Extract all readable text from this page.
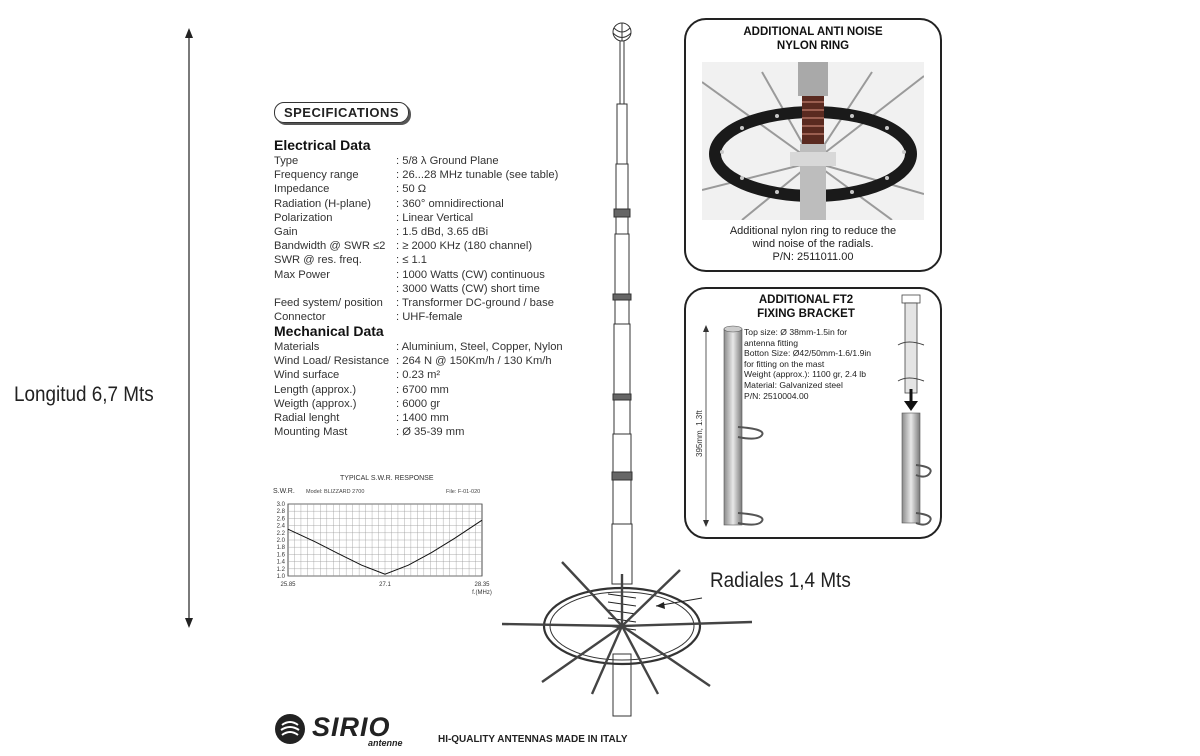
Longitud 6,7 Mts
SPECIFICATIONS
Electrical Data
Type	: 5/8 λ Ground Plane
Frequency range	: 26...28 MHz tunable (see table)
Impedance	: 50 Ω
Radiation (H-plane) : 360° omnidirectional
Polarization	: Linear Vertical
Gain	: 1.5 dBd, 3.65 dBi
Bandwidth @ SWR ≤2 : ≥ 2000 KHz (180 channel)
SWR @ res. freq.	: ≤ 1.1
Max Power	: 1000 Watts (CW) continuous
: 3000 Watts (CW) short time
Feed system/ position : Transformer DC-ground / base
Connector	: UHF-female
Mechanical Data
Materials	: Aluminium, Steel, Copper, Nylon
Wind Load/ Resistance : 264 N @ 150Km/h / 130 Km/h
Wind surface	: 0.23 m²
Length (approx.)	: 6700 mm
Weigth (approx.)	: 6000 gr
Radial lenght	: 1400 mm
Mounting Mast	: Ø 35-39 mm
TYPICAL S.W.R. RESPONSE
S.W.R. Model: BLIZZARD 2700	File: F-01-020
3.0
2.8
2.6
2.4
2.2
2.0
1.8
1.6
1.4
1.2
1.0
25.85	27.1	28.35
f.(MHz)
Radiales 1,4 Mts
ADDITIONAL ANTI NOISE
NYLON RING
Additional nylon ring to reduce the
wind noise of the radials.
P/N: 2511011.00
ADDITIONAL FT2
FIXING BRACKET
Top size: Ø 38mm-1.5in for
antenna fitting
Botton Size: Ø42/50mm-1.6/1.9in
for fitting on the mast
Weight (approx.): 1100 gr, 2.4 lb
Material: Galvanized steel
P/N: 2510004.00
395mm, 1.3ft
SIRIO
antenne	HI-QUALITY ANTENNAS MADE IN ITALY
